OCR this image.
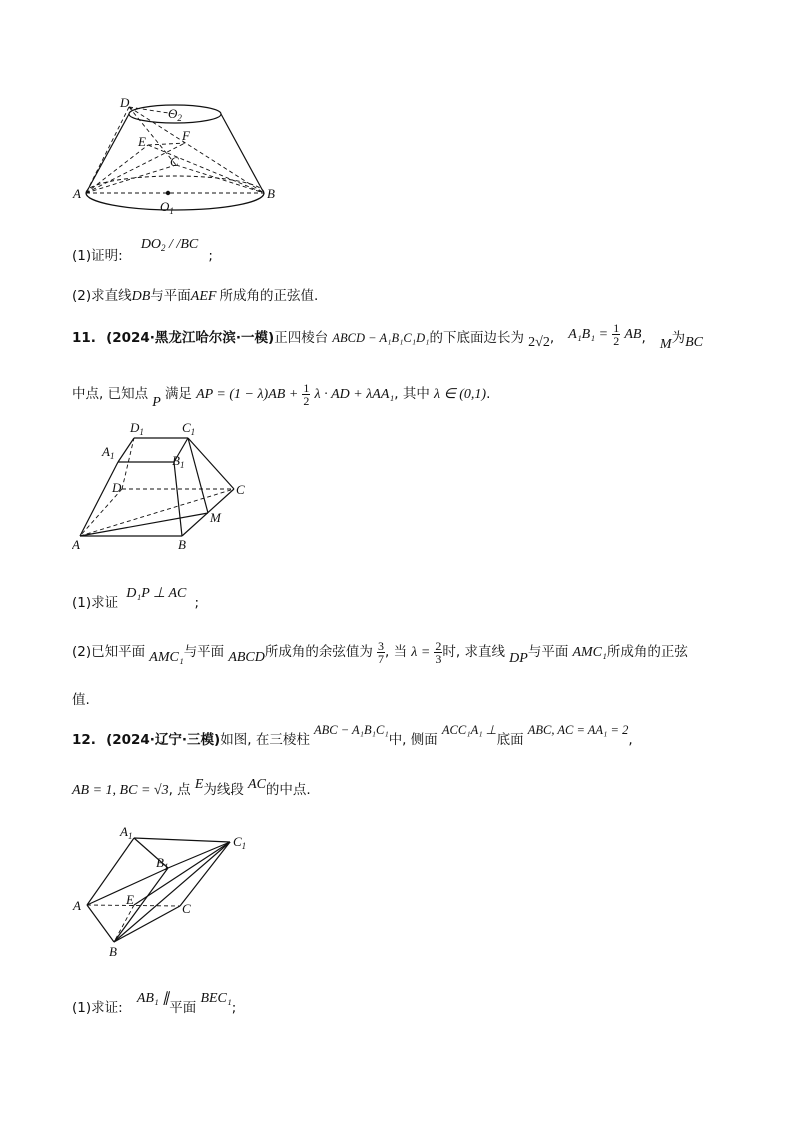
D
$O_2$
E	F
C
A	B
$O_1$
(1)证明: $DO_2 / /BC$ ;
(2)求直线DB与平面AEF 所成角的正弦值.
11. (2024·黑龙江哈尔滨·一模)正四棱台 ABCD − A₁B₁C₁D₁的下底面边长为 2√2, $A_1B_1 = \frac{1}{2}$ AB, M为BC
中点, 已知点 P 满足 AP = $(1 - \lambda)AB + \frac{1}{2}$ λ · AD + λAA₁, 其中 λ ∈ (0,1).
$D_1$	$C_1$
$A_1$	$B_1$
D	C
M
A	B
(1)求证 D₁P ⊥ AC ;
(2)已知平面 AMC₁与平面 ABCD所成角的余弦值为 $\frac{3}{7}$ , 当 $\lambda = \frac{2}{3}$ 时, 求直线 DP与平面 AMC₁所成角的正弦
值.
12. (2024·辽宁·三模)如图, 在三棱柱 ABC − A₁B₁C₁中, 侧面 ACC₁A₁ ⊥底面 ABC, AC = AA₁ = 2,
AB = 1, BC = √3, 点 E为线段 AC的中点.
$A_1$	$C_1$
$B_1$
A	E
C
B
(1)求证: AB₁ ∥平面 BEC₁;
